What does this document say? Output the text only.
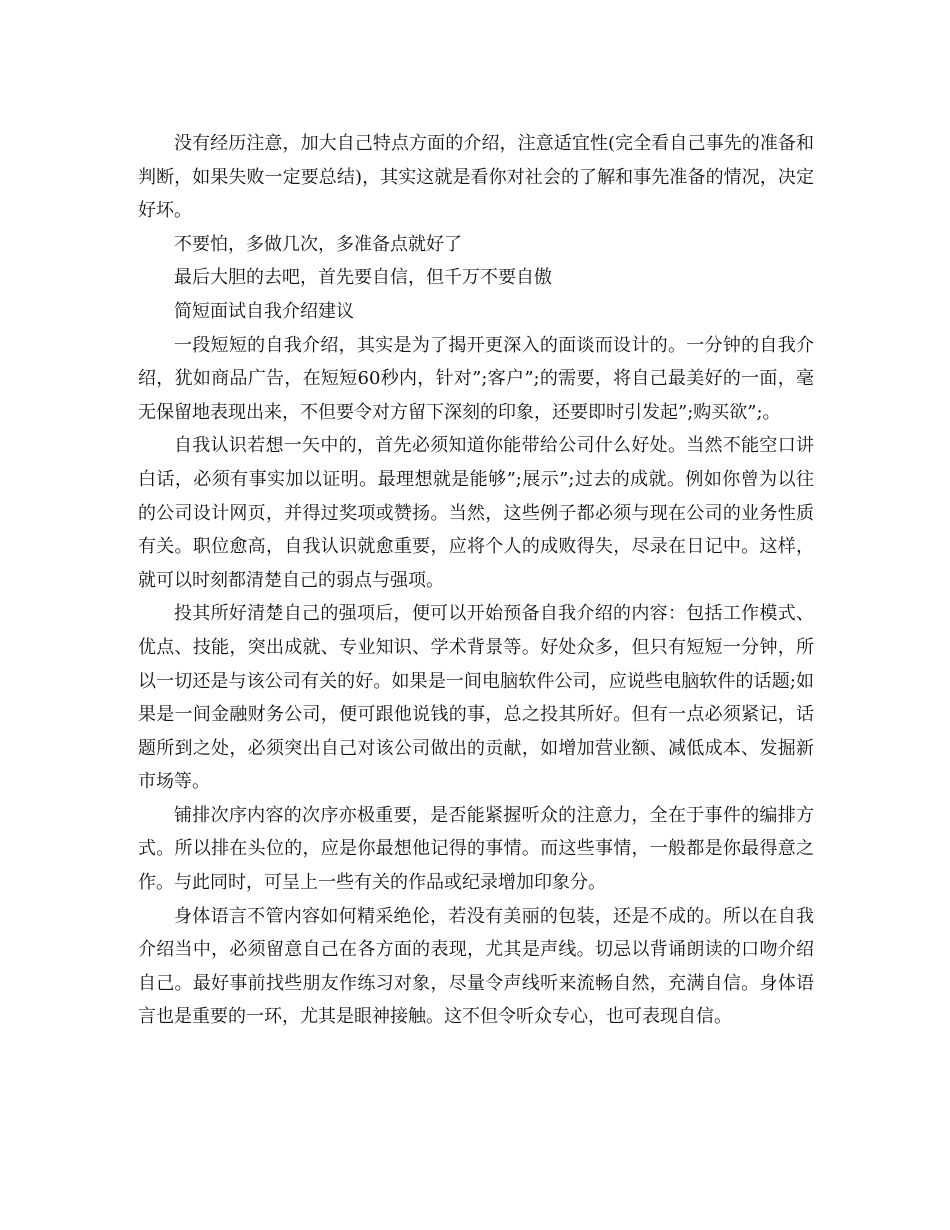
没有经历注意，加大自己特点方面的介绍，注意适宜性(完全看自己事先的准备和判断，如果失败一定要总结)，其实这就是看你对社会的了解和事先准备的情况，决定好坏。

不要怕，多做几次，多准备点就好了

最后大胆的去吧，首先要自信，但千万不要自傲

简短面试自我介绍建议

一段短短的自我介绍，其实是为了揭开更深入的面谈而设计的。一分钟的自我介绍，犹如商品广告，在短短60秒内，针对”;客户”;的需要，将自己最美好的一面，毫无保留地表现出来，不但要令对方留下深刻的印象，还要即时引发起”;购买欲”;。

自我认识若想一矢中的，首先必须知道你能带给公司什么好处。当然不能空口讲白话，必须有事实加以证明。最理想就是能够”;展示”;过去的成就。例如你曾为以往的公司设计网页，并得过奖项或赞扬。当然，这些例子都必须与现在公司的业务性质有关。职位愈高，自我认识就愈重要，应将个人的成败得失，尽录在日记中。这样，就可以时刻都清楚自己的弱点与强项。

投其所好清楚自己的强项后，便可以开始预备自我介绍的内容：包括工作模式、优点、技能，突出成就、专业知识、学术背景等。好处众多，但只有短短一分钟，所以一切还是与该公司有关的好。如果是一间电脑软件公司，应说些电脑软件的话题;如果是一间金融财务公司，便可跟他说钱的事，总之投其所好。但有一点必须紧记，话题所到之处，必须突出自己对该公司做出的贡献，如增加营业额、减低成本、发掘新市场等。

铺排次序内容的次序亦极重要，是否能紧握听众的注意力，全在于事件的编排方式。所以排在头位的，应是你最想他记得的事情。而这些事情，一般都是你最得意之作。与此同时，可呈上一些有关的作品或纪录增加印象分。

身体语言不管内容如何精采绝伦，若没有美丽的包装，还是不成的。所以在自我介绍当中，必须留意自己在各方面的表现，尤其是声线。切忌以背诵朗读的口吻介绍自己。最好事前找些朋友作练习对象，尽量令声线听来流畅自然，充满自信。身体语言也是重要的一环，尤其是眼神接触。这不但令听众专心，也可表现自信。
